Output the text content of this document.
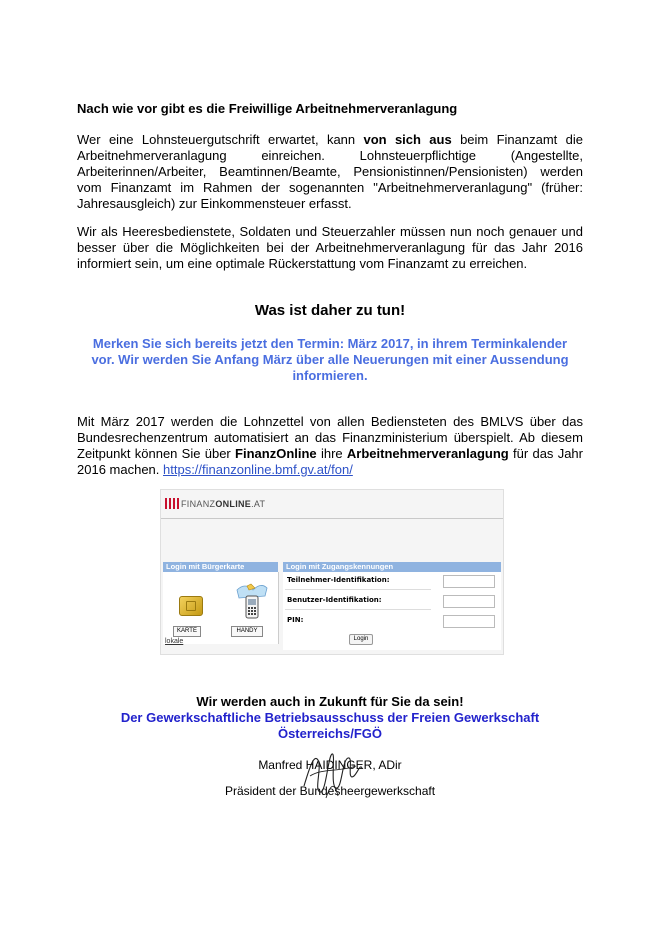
Nach wie vor gibt es die Freiwillige Arbeitnehmerveranlagung
Wer eine Lohnsteuergutschrift erwartet, kann von sich aus beim Finanzamt die Arbeitnehmerveranlagung einreichen. Lohnsteuerpflichtige (Angestellte, Arbeiterinnen/Arbeiter, Beamtinnen/Beamte, Pensionistinnen/Pensionisten) werden vom Finanzamt im Rahmen der sogenannten "Arbeitnehmerveranlagung" (früher: Jahresausgleich) zur Einkommensteuer erfasst.
Wir als Heeresbedienstete, Soldaten und Steuerzahler müssen nun noch genauer und besser über die Möglichkeiten bei der Arbeitnehmerveranlagung für das Jahr 2016 informiert sein, um eine optimale Rückerstattung vom Finanzamt zu erreichen.
Was ist daher zu tun!
Merken Sie sich bereits jetzt den Termin: März 2017, in ihrem Terminkalender vor. Wir werden Sie Anfang März über alle Neuerungen mit einer Aussendung informieren.
Mit März 2017 werden die Lohnzettel von allen Bediensteten des BMLVS über das Bundesrechenzentrum automatisiert an das Finanzministerium überspielt. Ab diesem Zeitpunkt können Sie über FinanzOnline ihre Arbeitnehmerveranlagung für das Jahr 2016 machen. https://finanzonline.bmf.gv.at/fon/
FINANZONLINE.AT
Login mit Bürgerkarte	Login mit Zugangskennungen
KARTE	HANDY
lokale
Teilnehmer-Identifikation:
Benutzer-Identifikation:
PIN:
Login
Wir werden auch in Zukunft für Sie da sein!
Der Gewerkschaftliche Betriebsausschuss der Freien Gewerkschaft
Österreichs/FGÖ
Manfred HAIDINGER, ADir
Präsident der Bundesheergewerkschaft
